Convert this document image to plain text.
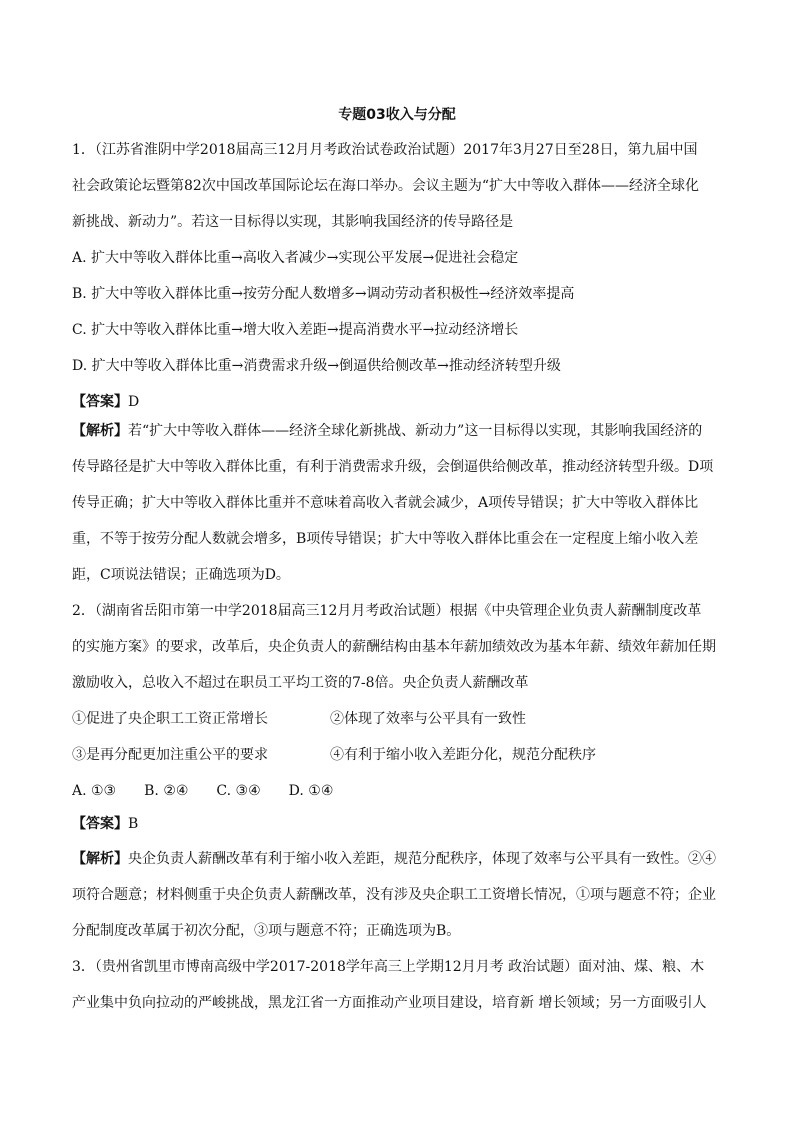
专题03收入与分配
1．（江苏省淮阴中学2018届高三12月月考政治试卷政治试题）2017年3月27日至28日，第九届中国
社会政策论坛暨第82次中国改革国际论坛在海口举办。会议主题为“扩大中等收入群体——经济全球化
新挑战、新动力”。若这一目标得以实现，其影响我国经济的传导路径是
A. 扩大中等收入群体比重→高收入者减少→实现公平发展→促进社会稳定
B. 扩大中等收入群体比重→按劳分配人数增多→调动劳动者积极性→经济效率提高
C. 扩大中等收入群体比重→增大收入差距→提高消费水平→拉动经济增长
D. 扩大中等收入群体比重→消费需求升级→倒逼供给侧改革→推动经济转型升级
【答案】D
【解析】若“扩大中等收入群体——经济全球化新挑战、新动力”这一目标得以实现，其影响我国经济的
传导路径是扩大中等收入群体比重，有利于消费需求升级，会倒逼供给侧改革，推动经济转型升级。D项
传导正确；扩大中等收入群体比重并不意味着高收入者就会减少，A项传导错误；扩大中等收入群体比
重，不等于按劳分配人数就会增多，B项传导错误；扩大中等收入群体比重会在一定程度上缩小收入差
距，C项说法错误；正确选项为D。
2．（湖南省岳阳市第一中学2018届高三12月月考政治试题）根据《中央管理企业负责人薪酬制度改革
的实施方案》的要求，改革后，央企负责人的薪酬结构由基本年薪加绩效改为基本年薪、绩效年薪加任期
激励收入，总收入不超过在职员工平均工资的7-8倍。央企负责人薪酬改革
①促进了央企职工工资正常增长	②体现了效率与公平具有一致性
③是再分配更加注重公平的要求	④有利于缩小收入差距分化，规范分配秩序
A. ①③ B. ②④ C. ③④ D. ①④
【答案】B
【解析】央企负责人薪酬改革有利于缩小收入差距，规范分配秩序，体现了效率与公平具有一致性。②④
项符合题意；材料侧重于央企负责人薪酬改革，没有涉及央企职工工资增长情况，①项与题意不符；企业
分配制度改革属于初次分配，③项与题意不符；正确选项为B。
3．（贵州省凯里市博南高级中学2017-2018学年高三上学期12月月考 政治试题）面对油、煤、粮、木
产业集中负向拉动的严峻挑战，黑龙江省一方面推动产业项目建设，培育新 增长领域；另一方面吸引人
